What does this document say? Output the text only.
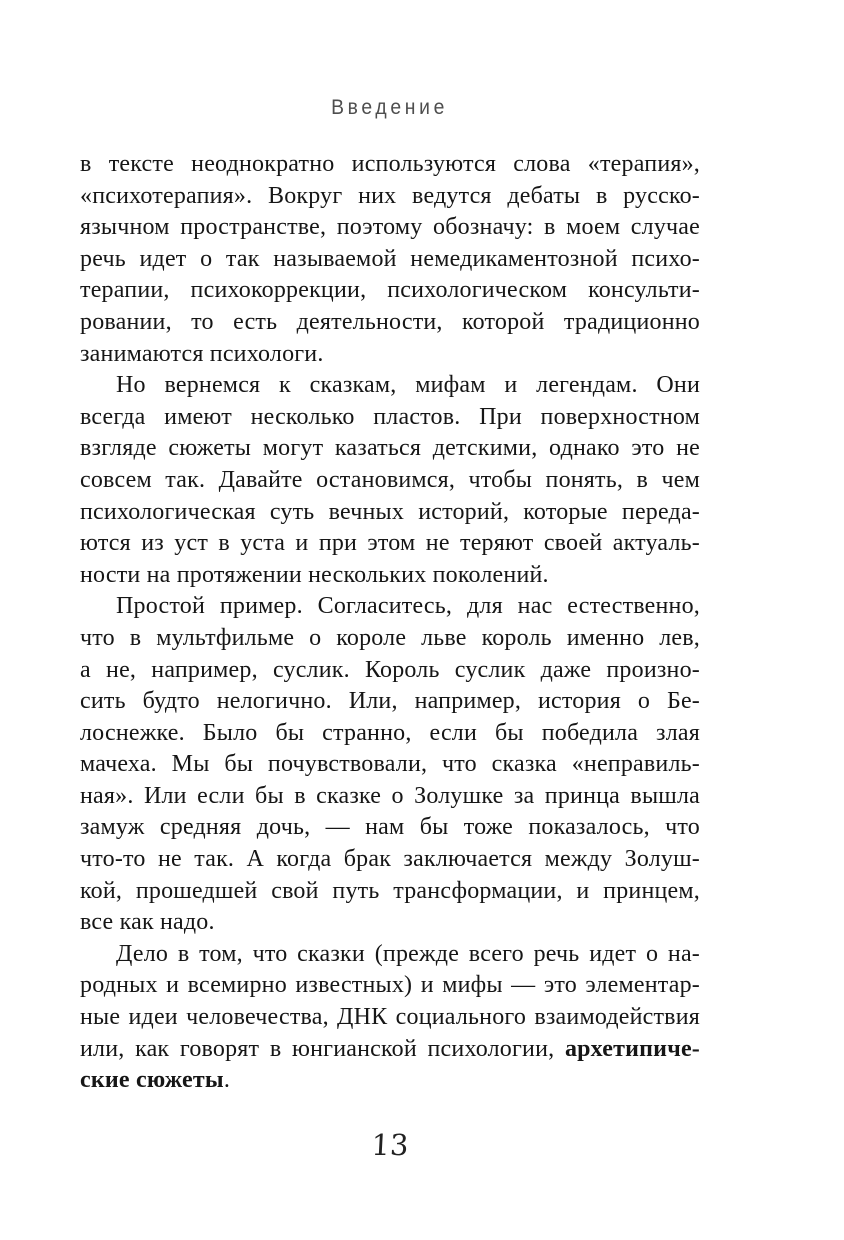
Введение
в тексте неоднократно используются слова «терапия»,
«психотерапия». Вокруг них ведутся дебаты в русско-
язычном пространстве, поэтому обозначу: в моем случае
речь идет о так называемой немедикаментозной психо-
терапии, психокоррекции, психологическом консульти-
ровании, то есть деятельности, которой традиционно
занимаются психологи.
Но вернемся к сказкам, мифам и легендам. Они
всегда имеют несколько пластов. При поверхностном
взгляде сюжеты могут казаться детскими, однако это не
совсем так. Давайте остановимся, чтобы понять, в чем
психологическая суть вечных историй, которые переда-
ются из уст в уста и при этом не теряют своей актуаль-
ности на протяжении нескольких поколений.
Простой пример. Согласитесь, для нас естественно,
что в мультфильме о короле льве король именно лев,
а не, например, суслик. Король суслик даже произно-
сить будто нелогично. Или, например, история о Бе-
лоснежке. Было бы странно, если бы победила злая
мачеха. Мы бы почувствовали, что сказка «неправиль-
ная». Или если бы в сказке о Золушке за принца вышла
замуж средняя дочь, — нам бы тоже показалось, что
что-то не так. А когда брак заключается между Золуш-
кой, прошедшей свой путь трансформации, и принцем,
все как надо.
Дело в том, что сказки (прежде всего речь идет о на-
родных и всемирно известных) и мифы — это элементар-
ные идеи человечества, ДНК социального взаимодействия
или, как говорят в юнгианской психологии, архетипиче-
ские сюжеты.
13
